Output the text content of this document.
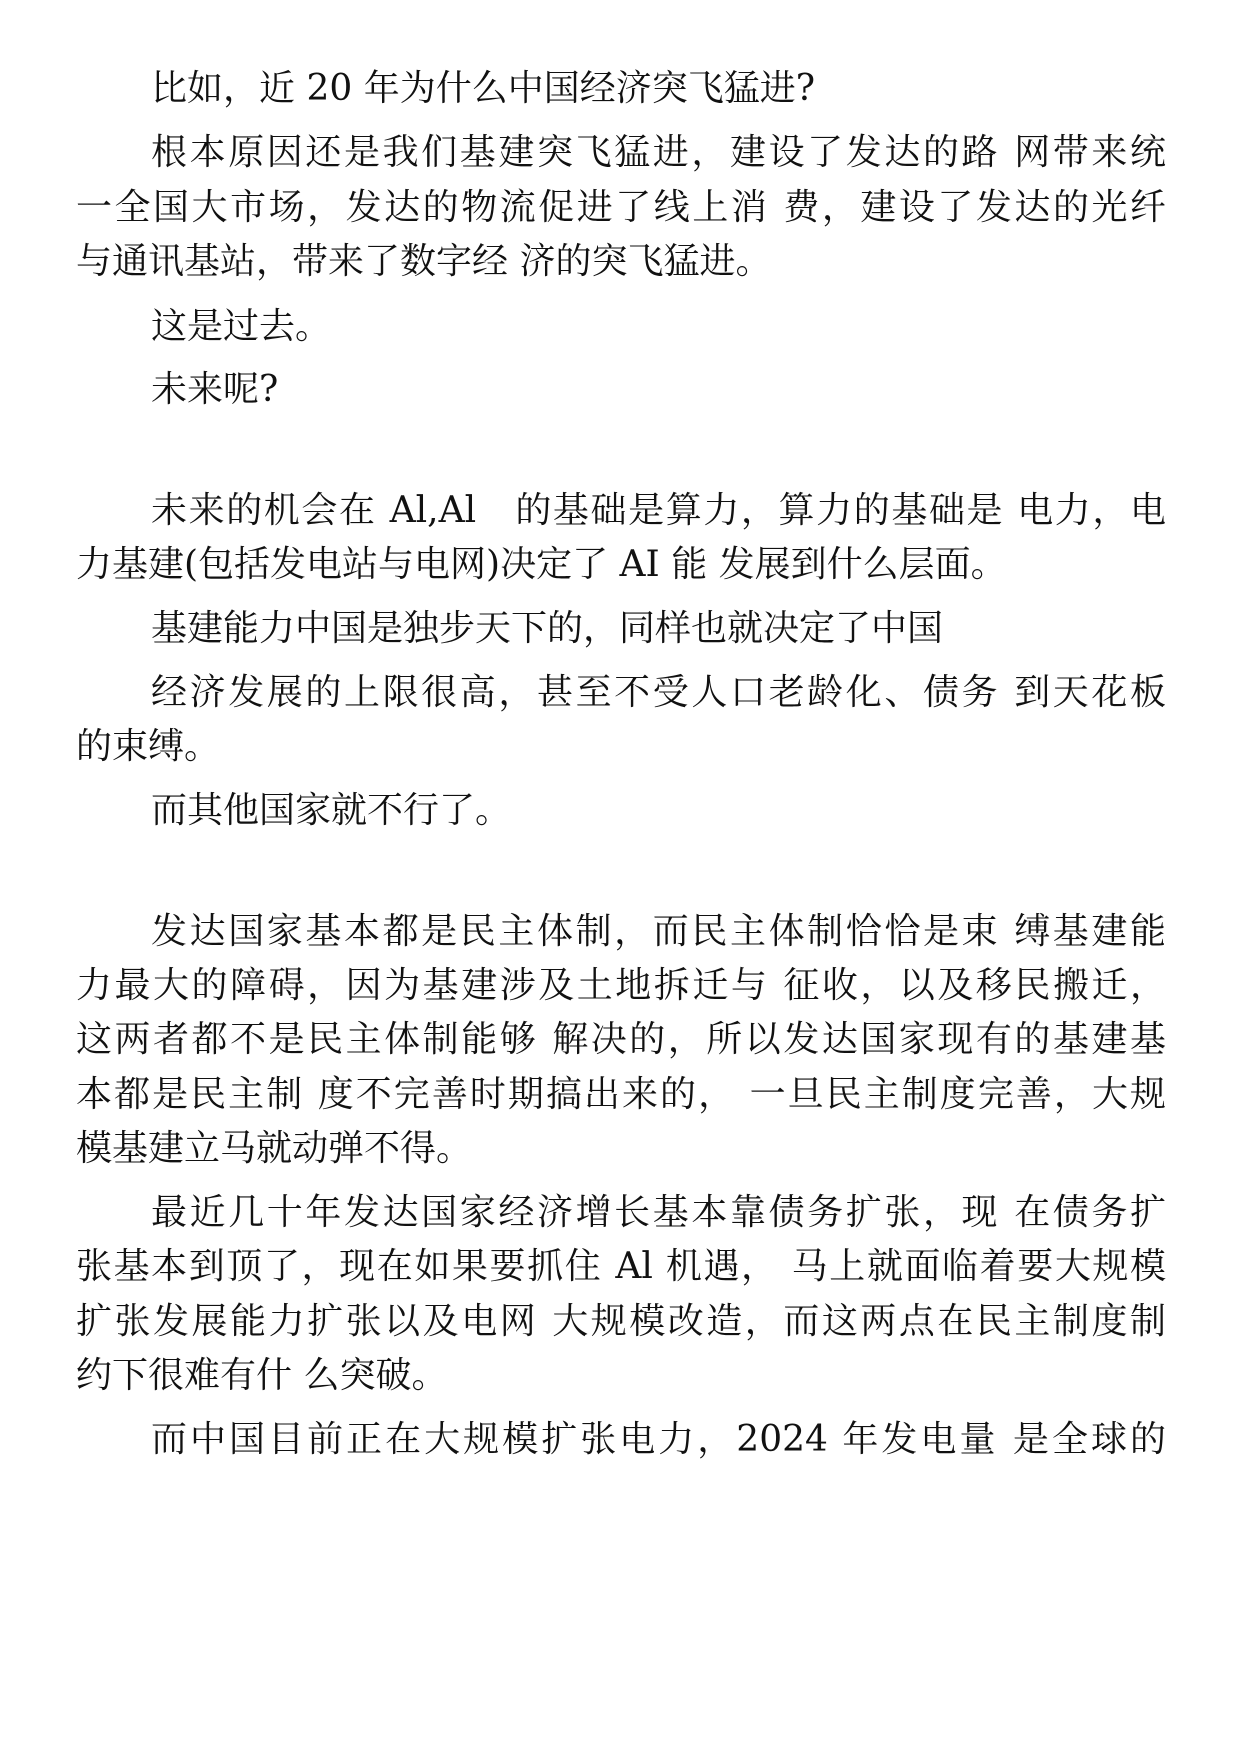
比如，近 20 年为什么中国经济突飞猛进?
根本原因还是我们基建突飞猛进，建设了发达的路 网带来统
一全国大市场，发达的物流促进了线上消 费，建设了发达的光纤
与通讯基站，带来了数字经 济的突飞猛进。
这是过去。
未来呢?
未来的机会在 Al,Al　的基础是算力，算力的基础是 电力，电
力基建(包括发电站与电网)决定了 AI 能 发展到什么层面。
基建能力中国是独步天下的，同样也就决定了中国
经济发展的上限很高，甚至不受人口老龄化、债务 到天花板
的束缚。
而其他国家就不行了。
发达国家基本都是民主体制，而民主体制恰恰是束 缚基建能
力最大的障碍，因为基建涉及土地拆迁与 征收，以及移民搬迁，
这两者都不是民主体制能够 解决的，所以发达国家现有的基建基
本都是民主制 度不完善时期搞出来的， 一旦民主制度完善，大规
模基建立马就动弹不得。
最近几十年发达国家经济增长基本靠债务扩张，现 在债务扩
张基本到顶了，现在如果要抓住 Al 机遇， 马上就面临着要大规模
扩张发展能力扩张以及电网 大规模改造，而这两点在民主制度制
约下很难有什 么突破。
而中国目前正在大规模扩张电力，2024 年发电量 是全球的
